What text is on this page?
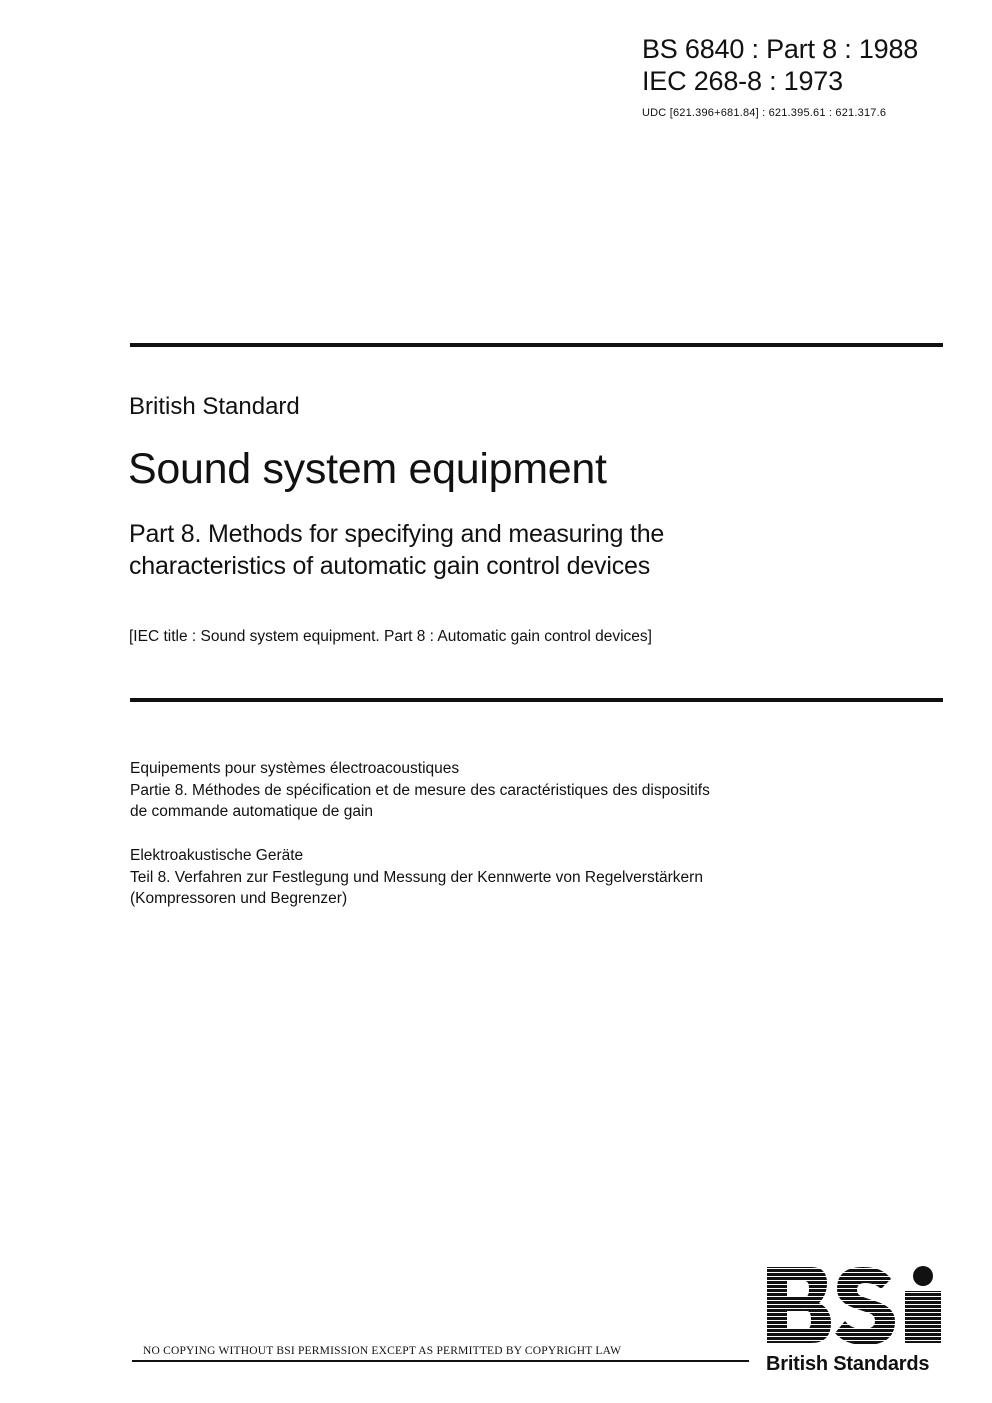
BS 6840 : Part 8 : 1988
IEC 268-8 : 1973
UDC [621.396+681.84] : 621.395.61 : 621.317.6
British Standard
Sound system equipment
Part 8. Methods for specifying and measuring the
characteristics of automatic gain control devices
[IEC title : Sound system equipment. Part 8 : Automatic gain control devices]
Equipements pour systèmes électroacoustiques
Partie 8. Méthodes de spécification et de mesure des caractéristiques des dispositifs
de commande automatique de gain
Elektroakustische Geräte
Teil 8. Verfahren zur Festlegung und Messung der Kennwerte von Regelverstärkern
(Kompressoren und Begrenzer)
NO COPYING WITHOUT BSI PERMISSION EXCEPT AS PERMITTED BY COPYRIGHT LAW
British Standards
